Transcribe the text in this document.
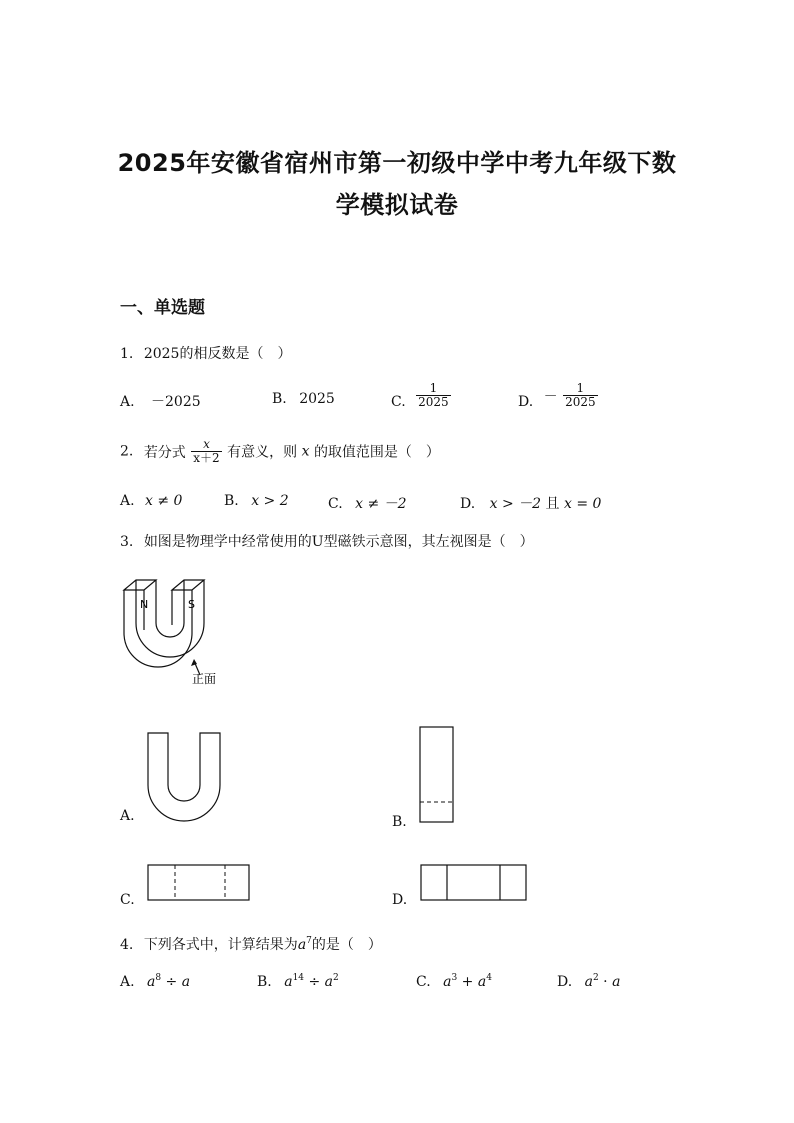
2025年安徽省宿州市第一初级中学中考九年级下数
学模拟试卷
一、单选题
1. 2025的相反数是（　）
A. －2025	B. 2025	C. $\frac{1}{2025}$	D. － $\frac{1}{2025}$
2. 若分式 $\frac{x}{x+2}$ 有意义，则 x 的取值范围是（　）
A. x ≠ 0	B. x > 2	C. x ≠ －2	D. x > －2 且 x = 0
3. 如图是物理学中经常使用的U型磁铁示意图，其左视图是（　）
N	S
正面
A.	B.
C.	D.
4. 下列各式中，计算结果为$a^7$的是（　）
A. $a^8 \div a$	B. $a^{14} \div a^2$	C. $a^3 + a^4$	D. $a^2 \cdot a$
